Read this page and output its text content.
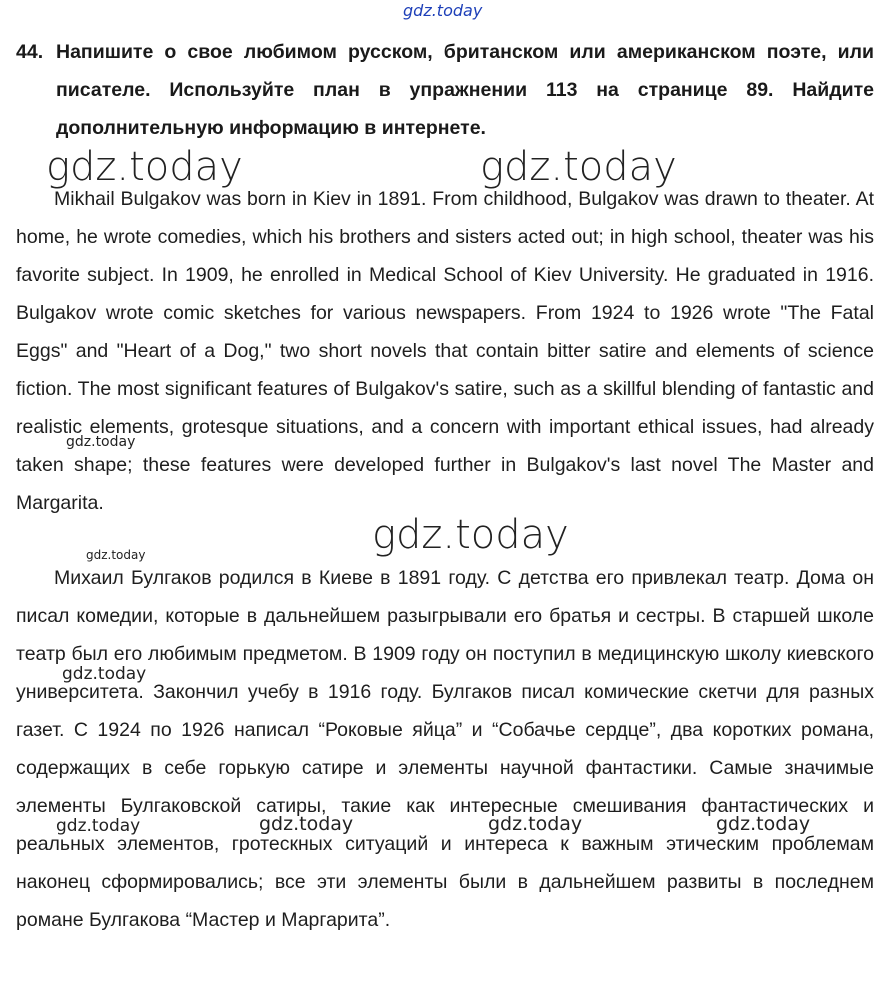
gdz.today
44. Напишите о свое любимом русском, британском или американском поэте, или писателе. Используйте план в упражнении 113 на странице 89. Найдите дополнительную информацию в интернете.

Mikhail Bulgakov was born in Kiev in 1891. From childhood, Bulgakov was drawn to theater. At home, he wrote comedies, which his brothers and sisters acted out; in high school, theater was his favorite subject. In 1909, he enrolled in Medical School of Kiev University. He graduated in 1916. Bulgakov wrote comic sketches for various newspapers. From 1924 to 1926 wrote "The Fatal Eggs" and "Heart of a Dog," two short novels that contain bitter satire and elements of science fiction. The most significant features of Bulgakov's satire, such as a skillful blending of fantastic and realistic elements, grotesque situations, and a concern with important ethical issues, had already taken shape; these features were developed further in Bulgakov's last novel The Master and Margarita.

Михаил Булгаков родился в Киеве в 1891 году. С детства его привлекал театр. Дома он писал комедии, которые в дальнейшем разыгрывали его братья и сестры. В старшей школе театр был его любимым предметом. В 1909 году он поступил в медицинскую школу киевского университета. Закончил учебу в 1916 году. Булгаков писал комические скетчи для разных газет. С 1924 по 1926 написал “Роковые яйца” и “Собачье сердце”, два коротких романа, содержащих в себе горькую сатире и элементы научной фантастики. Самые значимые элементы Булгаковской сатиры, такие как интересные смешивания фантастических и реальных элементов, гротескных ситуаций и интереса к важным этическим проблемам наконец сформировались; все эти элементы были в дальнейшем развиты в последнем романе Булгакова “Мастер и Маргарита”.

gdz.today	gdz.today
gdz.today
gdz.today
gdz.today
gdz.today
gdz.today	gdz.today	gdz.today	gdz.today
